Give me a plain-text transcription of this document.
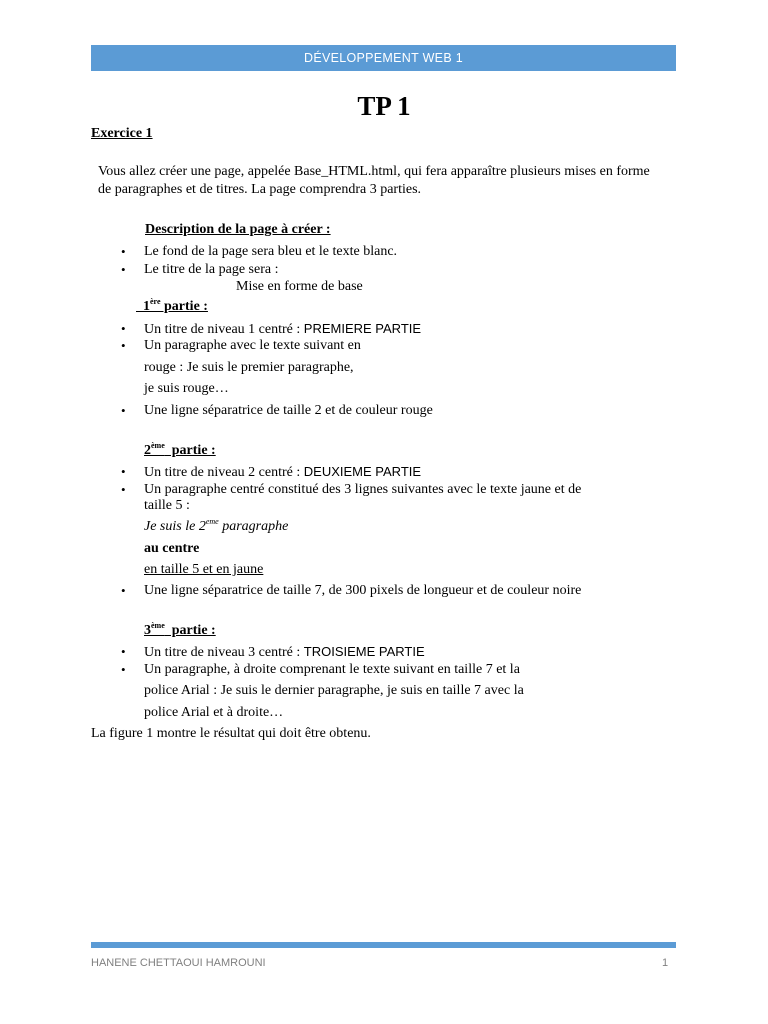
DÉVELOPPEMENT WEB 1
TP 1
Exercice 1
Vous allez créer une page, appelée Base_HTML.html, qui fera apparaître plusieurs mises en forme de paragraphes et de titres. La page comprendra 3 parties.
Description de la page à créer :
• Le fond de la page sera bleu et le texte blanc.
• Le titre de la page sera :
Mise en forme de base
1ère partie :
• Un titre de niveau 1 centré : PREMIERE PARTIE
• Un paragraphe avec le texte suivant en
rouge : Je suis le premier paragraphe,
je suis rouge…
• Une ligne séparatrice de taille 2 et de couleur rouge
2ème  partie :
• Un titre de niveau 2 centré : DEUXIEME PARTIE
• Un paragraphe centré constitué des 3 lignes suivantes avec le texte jaune et de
taille 5 :
Je suis le 2eme paragraphe
au centre
en taille 5 et en jaune
• Une ligne séparatrice de taille 7, de 300 pixels de longueur et de couleur noire
3ème  partie :
• Un titre de niveau 3 centré : TROISIEME PARTIE
• Un paragraphe, à droite comprenant le texte suivant en taille 7 et la
police Arial : Je suis le dernier paragraphe, je suis en taille 7 avec la
police Arial et à droite…
La figure 1 montre le résultat qui doit être obtenu.
HANENE CHETTAOUI HAMROUNI	1
